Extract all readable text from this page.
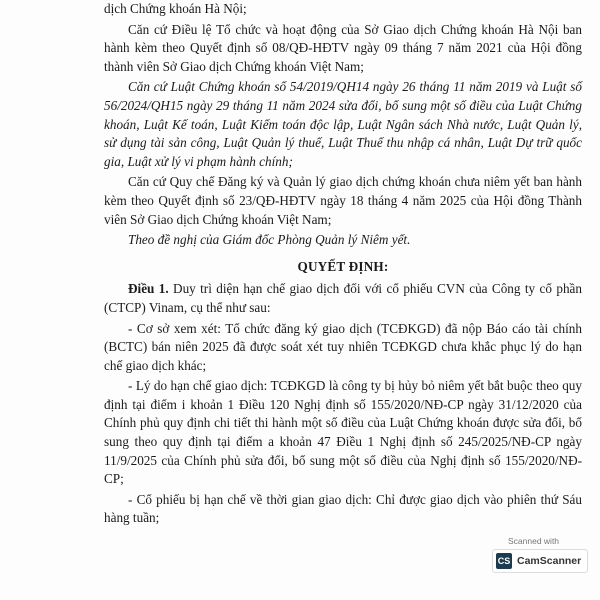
dịch Chứng khoán Hà Nội;

Căn cứ Điều lệ Tổ chức và hoạt động của Sở Giao dịch Chứng khoán Hà Nội ban hành kèm theo Quyết định số 08/QĐ-HĐTV ngày 09 tháng 7 năm 2021 của Hội đồng thành viên Sở Giao dịch Chứng khoán Việt Nam;

Căn cứ Luật Chứng khoán số 54/2019/QH14 ngày 26 tháng 11 năm 2019 và Luật số 56/2024/QH15 ngày 29 tháng 11 năm 2024 sửa đổi, bổ sung một số điều của Luật Chứng khoán, Luật Kế toán, Luật Kiểm toán độc lập, Luật Ngân sách Nhà nước, Luật Quản lý, sử dụng tài sản công, Luật Quản lý thuế, Luật Thuế thu nhập cá nhân, Luật Dự trữ quốc gia, Luật xử lý vi phạm hành chính;

Căn cứ Quy chế Đăng ký và Quản lý giao dịch chứng khoán chưa niêm yết ban hành kèm theo Quyết định số 23/QĐ-HĐTV ngày 18 tháng 4 năm 2025 của Hội đồng Thành viên Sở Giao dịch Chứng khoán Việt Nam;

Theo đề nghị của Giám đốc Phòng Quản lý Niêm yết.

QUYẾT ĐỊNH:

Điều 1. Duy trì diện hạn chế giao dịch đối với cổ phiếu CVN của Công ty cổ phần (CTCP) Vinam, cụ thể như sau:

- Cơ sở xem xét: Tổ chức đăng ký giao dịch (TCĐKGD) đã nộp Báo cáo tài chính (BCTC) bán niên 2025 đã được soát xét tuy nhiên TCĐKGD chưa khắc phục lý do hạn chế giao dịch khác;

- Lý do hạn chế giao dịch: TCĐKGD là công ty bị hủy bỏ niêm yết bắt buộc theo quy định tại điểm i khoản 1 Điều 120 Nghị định số 155/2020/NĐ-CP ngày 31/12/2020 của Chính phủ quy định chi tiết thi hành một số điều của Luật Chứng khoán được sửa đổi, bổ sung theo quy định tại điểm a khoản 47 Điều 1 Nghị định số 245/2025/NĐ-CP ngày 11/9/2025 của Chính phủ sửa đổi, bổ sung một số điều của Nghị định số 155/2020/NĐ-CP;

- Cổ phiếu bị hạn chế về thời gian giao dịch: Chỉ được giao dịch vào phiên thứ Sáu hàng tuần;

Scanned with
CS CamScanner
